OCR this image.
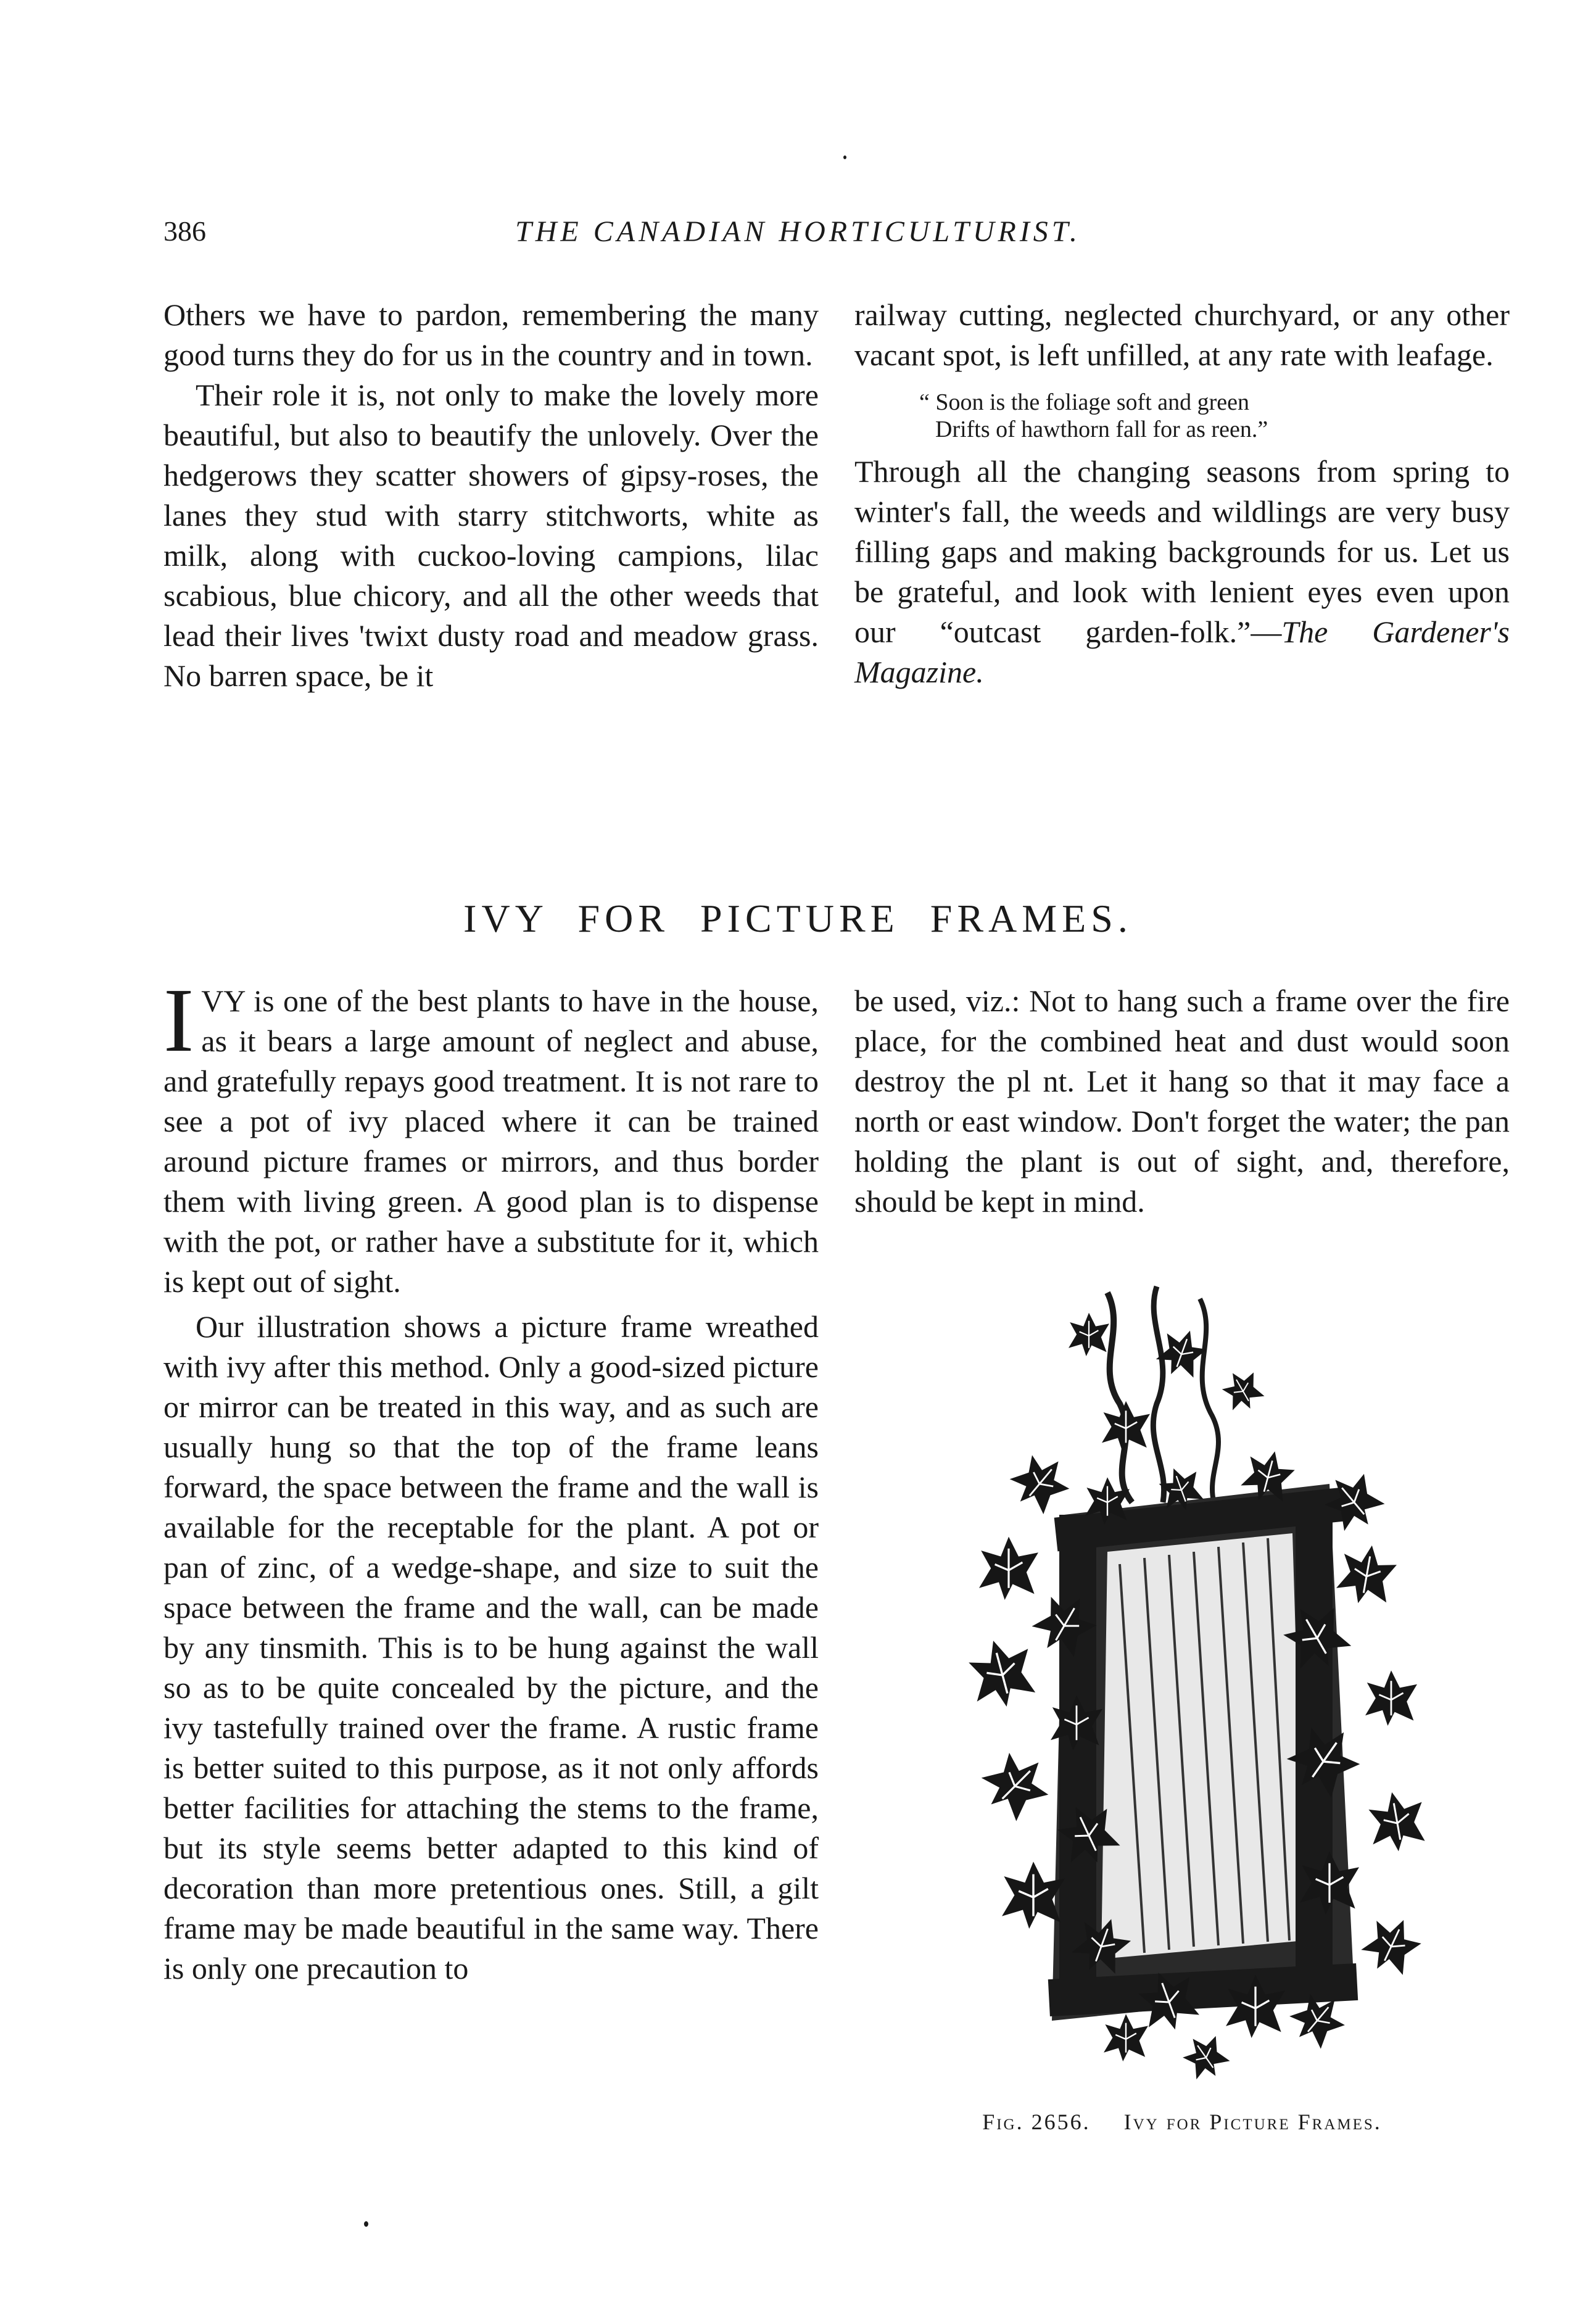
386	THE CANADIAN HORTICULTURIST.

Others we have to pardon, remembering the many good turns they do for us in the country and in town.

Their role it is, not only to make the lovely more beautiful, but also to beautify the unlovely. Over the hedgerows they scatter showers of gipsy-roses, the lanes they stud with starry stitchworts, white as milk, along with cuckoo-loving campions, lilac scabious, blue chicory, and all the other weeds that lead their lives 'twixt dusty road and meadow grass. No barren space, be it

railway cutting, neglected churchyard, or any other vacant spot, is left unfilled, at any rate with leafage.

“ Soon is the foliage soft and green
Drifts of hawthorn fall for as reen.”

Through all the changing seasons from spring to winter's fall, the weeds and wildlings are very busy filling gaps and making backgrounds for us. Let us be grateful, and look with lenient eyes even upon our “outcast garden-folk.”—The Gardener's Magazine.

IVY FOR PICTURE FRAMES.

IVY is one of the best plants to have in the house, as it bears a large amount of neglect and abuse, and gratefully repays good treatment. It is not rare to see a pot of ivy placed where it can be trained around picture frames or mirrors, and thus border them with living green. A good plan is to dispense with the pot, or rather have a substitute for it, which is kept out of sight.

Our illustration shows a picture frame wreathed with ivy after this method. Only a good-sized picture or mirror can be treated in this way, and as such are usually hung so that the top of the frame leans forward, the space between the frame and the wall is available for the receptable for the plant. A pot or pan of zinc, of a wedge-shape, and size to suit the space between the frame and the wall, can be made by any tinsmith. This is to be hung against the wall so as to be quite concealed by the picture, and the ivy tastefully trained over the frame. A rustic frame is better suited to this purpose, as it not only affords better facilities for attaching the stems to the frame, but its style seems better adapted to this kind of decoration than more pretentious ones. Still, a gilt frame may be made beautiful in the same way. There is only one precaution to

be used, viz.: Not to hang such a frame over the fire place, for the combined heat and dust would soon destroy the pl nt. Let it hang so that it may face a north or east window. Don't forget the water; the pan holding the plant is out of sight, and, therefore, should be kept in mind.

Fig. 2656. Ivy for Picture Frames.
